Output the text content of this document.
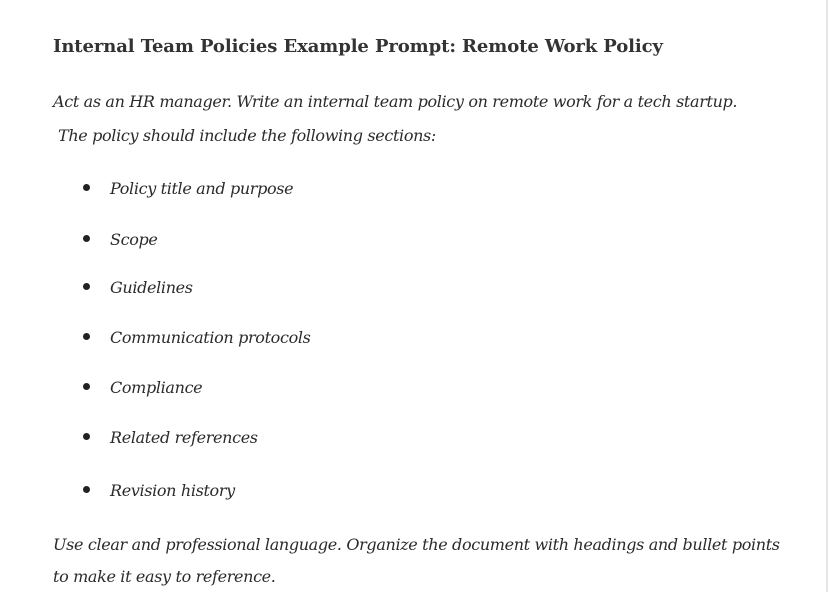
Internal Team Policies Example Prompt: Remote Work Policy

Act as an HR manager. Write an internal team policy on remote work for a tech startup.

The policy should include the following sections:

Policy title and purpose
Scope
Guidelines
Communication protocols
Compliance
Related references
Revision history

Use clear and professional language. Organize the document with headings and bullet points

to make it easy to reference.
